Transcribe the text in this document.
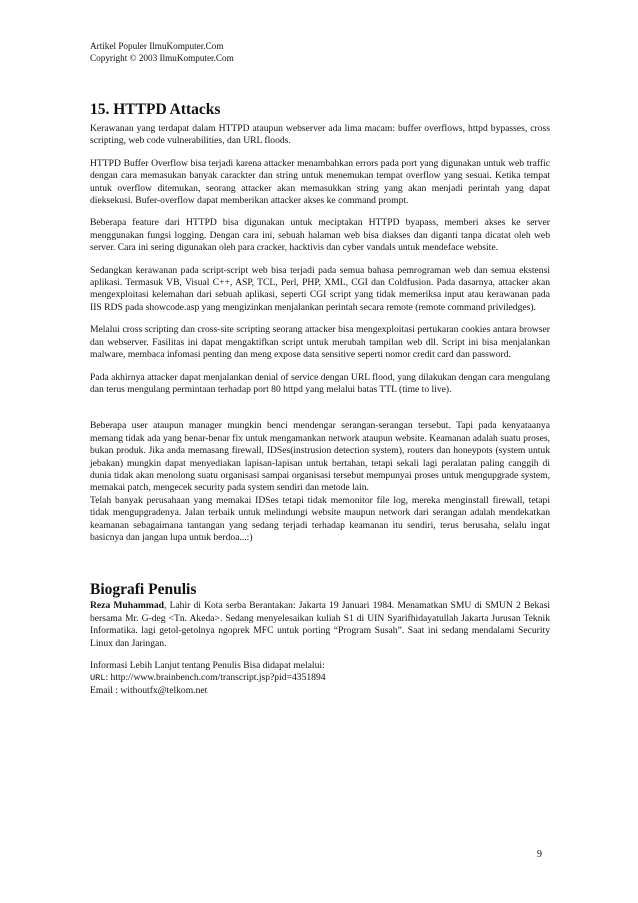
Artikel Populer IlmuKomputer.Com
Copyright © 2003 IlmuKomputer.Com
15. HTTPD Attacks

Kerawanan yang terdapat dalam HTTPD ataupun webserver ada lima macam: buffer overflows, httpd bypasses, cross scripting, web code vulnerabilities, dan URL floods.

HTTPD Buffer Overflow bisa terjadi karena attacker menambahkan errors pada port yang digunakan untuk web traffic dengan cara memasukan banyak carackter dan string untuk menemukan tempat overflow yang sesuai. Ketika tempat untuk overflow ditemukan, seorang attacker akan memasukkan string yang akan menjadi perintah yang dapat dieksekusi. Bufer-overflow dapat memberikan attacker akses ke command prompt.

Beberapa feature dari HTTPD bisa digunakan untuk meciptakan HTTPD byapass, memberi akses ke server menggunakan fungsi logging. Dengan cara ini, sebuah halaman web bisa diakses dan diganti tanpa dicatat oleh web server. Cara ini sering digunakan oleh para cracker, hacktivis dan cyber vandals untuk mendeface website.

Sedangkan kerawanan pada script-script web bisa terjadi pada semua bahasa pemrograman web dan semua ekstensi aplikasi. Termasuk VB, Visual C++, ASP, TCL, Perl, PHP, XML, CGI dan Coldfusion. Pada dasarnya, attacker akan mengexploitasi kelemahan dari sebuah aplikasi, seperti CGI script yang tidak memeriksa input atau kerawanan pada IIS RDS pada showcode.asp yang mengizinkan menjalankan perintah secara remote (remote command priviledges).

Melalui cross scripting dan cross-site scripting seorang attacker bisa mengexploitasi pertukaran cookies antara browser dan webserver. Fasilitas ini dapat mengaktifkan script untuk merubah tampilan web dll. Script ini bisa menjalankan malware, membaca infomasi penting dan meng expose data sensitive seperti nomor credit card dan password.

Pada akhirnya attacker dapat menjalankan denial of service dengan URL flood, yang dilakukan dengan cara mengulang dan terus mengulang permintaan terhadap port 80 httpd yang melalui batas TTL (time to live).

Beberapa user ataupun manager mungkin benci mendengar serangan-serangan tersebut. Tapi pada kenyataanya memang tidak ada yang benar-benar fix untuk mengamankan network ataupun website. Keamanan adalah suatu proses, bukan produk. Jika anda memasang firewall, IDSes(instrusion detection system), routers dan honeypots (system untuk jebakan) mungkin dapat menyediakan lapisan-lapisan untuk bertahan, tetapi sekali lagi peralatan paling canggih di dunia tidak akan menolong suatu organisasi sampai organisasi tersebut mempunyai proses untuk mengupgrade system, memakai patch, mengecek security pada system sendiri dan metode lain.

Telah banyak perusahaan yang memakai IDSes tetapi tidak memonitor file log, mereka menginstall firewall, tetapi tidak mengupgradenya. Jalan terbaik untuk melindungi website maupun network dari serangan adalah mendekatkan keamanan sebagaimana tantangan yang sedang terjadi terhadap keamanan itu sendiri, terus berusaha, selalu ingat basicnya dan jangan lupa untuk berdoa...:)

Biografi Penulis

Reza Muhammad, Lahir di Kota serba Berantakan: Jakarta 19 Januari 1984. Menamatkan SMU di SMUN 2 Bekasi bersama Mr. G-deg <Tn. Akeda>. Sedang menyelesaikan kuliah S1 di UIN Syarifhidayatullah Jakarta Jurusan Teknik Informatika. lagi getol-getolnya ngoprek MFC untuk porting “Program Susah”. Saat ini sedang mendalami Security Linux dan Jaringan.

Informasi Lebih Lanjut tentang Penulis Bisa didapat melalui:

URL: http://www.brainbench.com/transcript.jsp?pid=4351894

Email : withoutfx@telkom.net

9
